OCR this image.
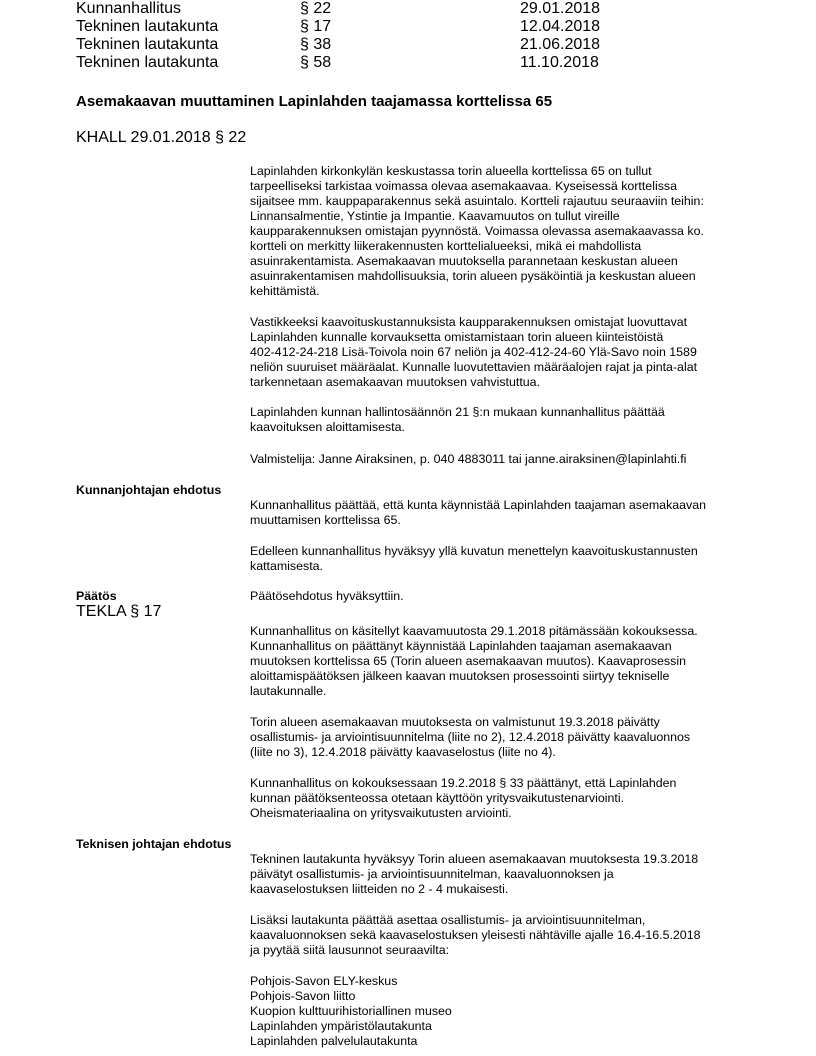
Kunnanhallitus	§ 22	29.01.2018
Tekninen lautakunta	§ 17	12.04.2018
Tekninen lautakunta	§ 38	21.06.2018
Tekninen lautakunta	§ 58	11.10.2018
Asemakaavan muuttaminen Lapinlahden taajamassa korttelissa 65
KHALL 29.01.2018 § 22
Lapinlahden kirkonkylän keskustassa torin alueella korttelissa 65 on tullut
tarpeelliseksi tarkistaa voimassa olevaa asemakaavaa. Kyseisessä korttelissa
sijaitsee mm. kauppaparakennus sekä asuintalo. Kortteli rajautuu seuraaviin teihin:
Linnansalmentie, Ystintie ja Impantie. Kaavamuutos on tullut vireille
kaupparakennuksen omistajan pyynnöstä. Voimassa olevassa asemakaavassa ko.
kortteli on merkitty liikerakennusten korttelialueeksi, mikä ei mahdollista
asuinrakentamista. Asemakaavan muutoksella parannetaan keskustan alueen
asuinrakentamisen mahdollisuuksia, torin alueen pysäköintiä ja keskustan alueen
kehittämistä.
Vastikkeeksi kaavoituskustannuksista kaupparakennuksen omistajat luovuttavat
Lapinlahden kunnalle korvauksetta omistamistaan torin alueen kiinteistöistä
402-412-24-218 Lisä-Toivola noin 67 neliön ja 402-412-24-60 Ylä-Savo noin 1589
neliön suuruiset määräalat. Kunnalle luovutettavien määräalojen rajat ja pinta-alat
tarkennetaan asemakaavan muutoksen vahvistuttua.
Lapinlahden kunnan hallintosäännön 21 §:n mukaan kunnanhallitus päättää
kaavoituksen aloittamisesta.
Valmistelija: Janne Airaksinen, p. 040 4883011 tai janne.airaksinen@lapinlahti.fi
Kunnanjohtajan ehdotus
Kunnanhallitus päättää, että kunta käynnistää Lapinlahden taajaman asemakaavan
muuttamisen korttelissa 65.
Edelleen kunnanhallitus hyväksyy yllä kuvatun menettelyn kaavoituskustannusten
kattamisesta.
Päätös
TEKLA § 17
Päätösehdotus hyväksyttiin.
Kunnanhallitus on käsitellyt kaavamuutosta 29.1.2018 pitämässään kokouksessa.
Kunnanhallitus on päättänyt käynnistää Lapinlahden taajaman asemakaavan
muutoksen korttelissa 65 (Torin alueen asemakaavan muutos). Kaavaprosessin
aloittamispäätöksen jälkeen kaavan muutoksen prosessointi siirtyy tekniselle
lautakunnalle.
Torin alueen asemakaavan muutoksesta on valmistunut 19.3.2018 päivätty
osallistumis- ja arviointisuunnitelma (liite no 2), 12.4.2018 päivätty kaavaluonnos
(liite no 3), 12.4.2018 päivätty kaavaselostus (liite no 4).
Kunnanhallitus on kokouksessaan 19.2.2018 § 33 päättänyt, että Lapinlahden
kunnan päätöksenteossa otetaan käyttöön yritysvaikutustenarviointi.
Oheismateriaalina on yritysvaikutusten arviointi.
Teknisen johtajan ehdotus
Tekninen lautakunta hyväksyy Torin alueen asemakaavan muutoksesta 19.3.2018
päivätyt osallistumis- ja arviointisuunnitelman, kaavaluonnoksen ja
kaavaselostuksen liitteiden no 2 - 4 mukaisesti.
Lisäksi lautakunta päättää asettaa osallistumis- ja arviointisuunnitelman,
kaavaluonnoksen sekä kaavaselostuksen yleisesti nähtäville ajalle 16.4-16.5.2018
ja pyytää siitä lausunnot seuraavilta:
Pohjois-Savon ELY-keskus
Pohjois-Savon liitto
Kuopion kulttuurihistoriallinen museo
Lapinlahden ympäristölautakunta
Lapinlahden palvelulautakunta
